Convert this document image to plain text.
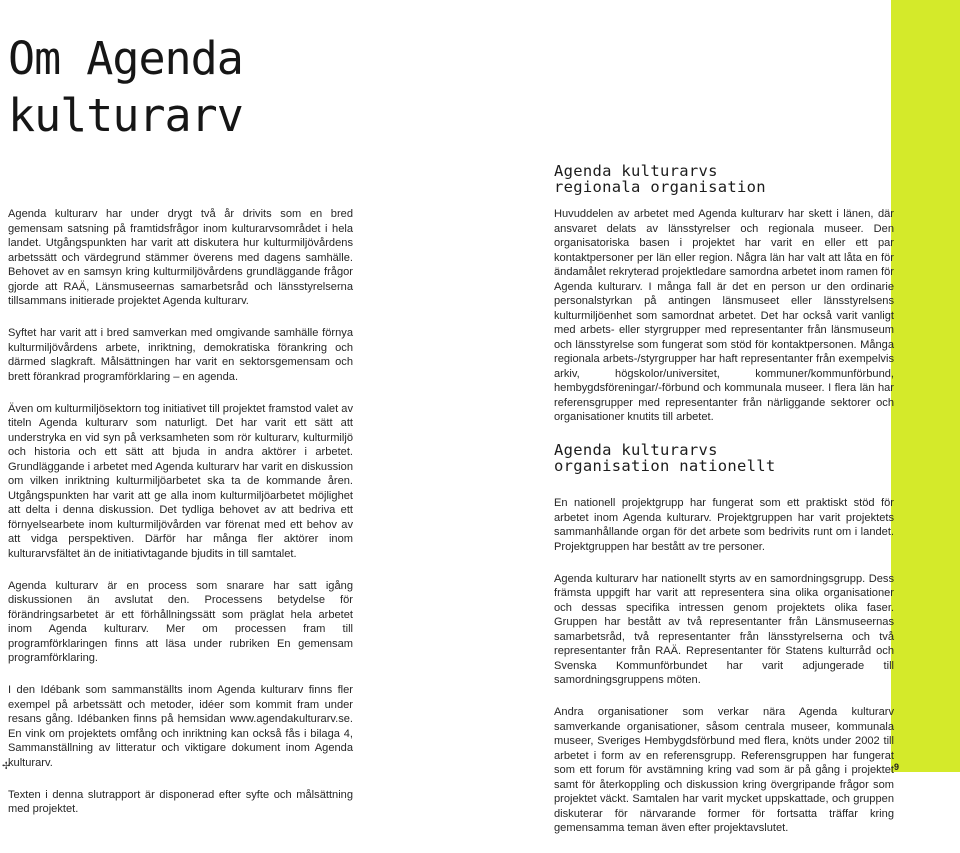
Om Agenda
kulturarv

Agenda kulturarv har under drygt två år drivits som en bred gemensam satsning på framtidsfrågor inom kulturarvsområdet i hela landet. Utgångspunkten har varit att diskutera hur kulturmiljövårdens arbetssätt och värdegrund stämmer överens med dagens samhälle. Behovet av en samsyn kring kulturmiljövårdens grundläggande frågor gjorde att RAÄ, Länsmuseernas samarbetsråd och länsstyrelserna tillsammans initierade projektet Agenda kulturarv.

Syftet har varit att i bred samverkan med omgivande samhälle förnya kulturmiljövårdens arbete, inriktning, demokratiska förankring och därmed slagkraft. Målsättningen har varit en sektorsgemensam och brett förankrad programförklaring – en agenda.

Även om kulturmiljösektorn tog initiativet till projektet framstod valet av titeln Agenda kulturarv som naturligt. Det har varit ett sätt att understryka en vid syn på verksamheten som rör kulturarv, kulturmiljö och historia och ett sätt att bjuda in andra aktörer i arbetet. Grundläggande i arbetet med Agenda kulturarv har varit en diskussion om vilken inriktning kulturmiljöarbetet ska ta de kommande åren. Utgångspunkten har varit att ge alla inom kulturmiljöarbetet möjlighet att delta i denna diskussion. Det tydliga behovet av att bedriva ett förnyelsearbete inom kulturmiljövården var förenat med ett behov av att vidga perspektiven. Därför har många fler aktörer inom kulturarvsfältet än de initiativtagande bjudits in till samtalet.

Agenda kulturarv är en process som snarare har satt igång diskussionen än avslutat den. Processens betydelse för förändringsarbetet är ett förhållningssätt som präglat hela arbetet inom Agenda kulturarv. Mer om processen fram till programförklaringen finns att läsa under rubriken En gemensam programförklaring.

I den Idébank som sammanställts inom Agenda kulturarv finns fler exempel på arbetssätt och metoder, idéer som kommit fram under resans gång. Idébanken finns på hemsidan www.agendakulturarv.se. En vink om projektets omfång och inriktning kan också fås i bilaga 4, Sammanställning av litteratur och viktigare dokument inom Agenda kulturarv.

Texten i denna slutrapport är disponerad efter syfte och målsättning med projektet.

Agenda kulturarvs
regionala organisation

Huvuddelen av arbetet med Agenda kulturarv har skett i länen, där ansvaret delats av länsstyrelser och regionala museer. Den organisatoriska basen i projektet har varit en eller ett par kontaktpersoner per län eller region. Några län har valt att låta en för ändamålet rekryterad projektledare samordna arbetet inom ramen för Agenda kulturarv. I många fall är det en person ur den ordinarie personalstyrkan på antingen länsmuseet eller länsstyrelsens kulturmiljöenhet som samordnat arbetet. Det har också varit vanligt med arbets- eller styrgrupper med representanter från länsmuseum och länsstyrelse som fungerat som stöd för kontaktpersonen. Många regionala arbets-/styrgrupper har haft representanter från exempelvis arkiv, högskolor/universitet, kommuner/kommunförbund, hembygdsföreningar/-förbund och kommunala museer. I flera län har referensgrupper med representanter från närliggande sektorer och organisationer knutits till arbetet.

Agenda kulturarvs
organisation nationellt

En nationell projektgrupp har fungerat som ett praktiskt stöd för arbetet inom Agenda kulturarv. Projektgruppen har varit projektets sammanhållande organ för det arbete som bedrivits runt om i landet. Projektgruppen har bestått av tre personer.

Agenda kulturarv har nationellt styrts av en samordningsgrupp. Dess främsta uppgift har varit att representera sina olika organisationer och dessas specifika intressen genom projektets olika faser. Gruppen har bestått av två representanter från Länsmuseernas samarbetsråd, två representanter från länsstyrelserna och två representanter från RAÄ. Representanter för Statens kulturråd och Svenska Kommunförbundet har varit adjungerade till samordningsgruppens möten.

Andra organisationer som verkar nära Agenda kulturarv samverkande organisationer, såsom centrala museer, kommunala museer, Sveriges Hembygdsförbund med flera, knöts under 2002 till arbetet i form av en referensgrupp. Referensgruppen har fungerat som ett forum för avstämning kring vad som är på gång i projektet samt för återkoppling och diskussion kring övergripande frågor som projektet väckt. Samtalen har varit mycket uppskattade, och gruppen diskuterar för närvarande former för fortsatta träffar kring gemensamma teman även efter projektavslutet.

✢	9
